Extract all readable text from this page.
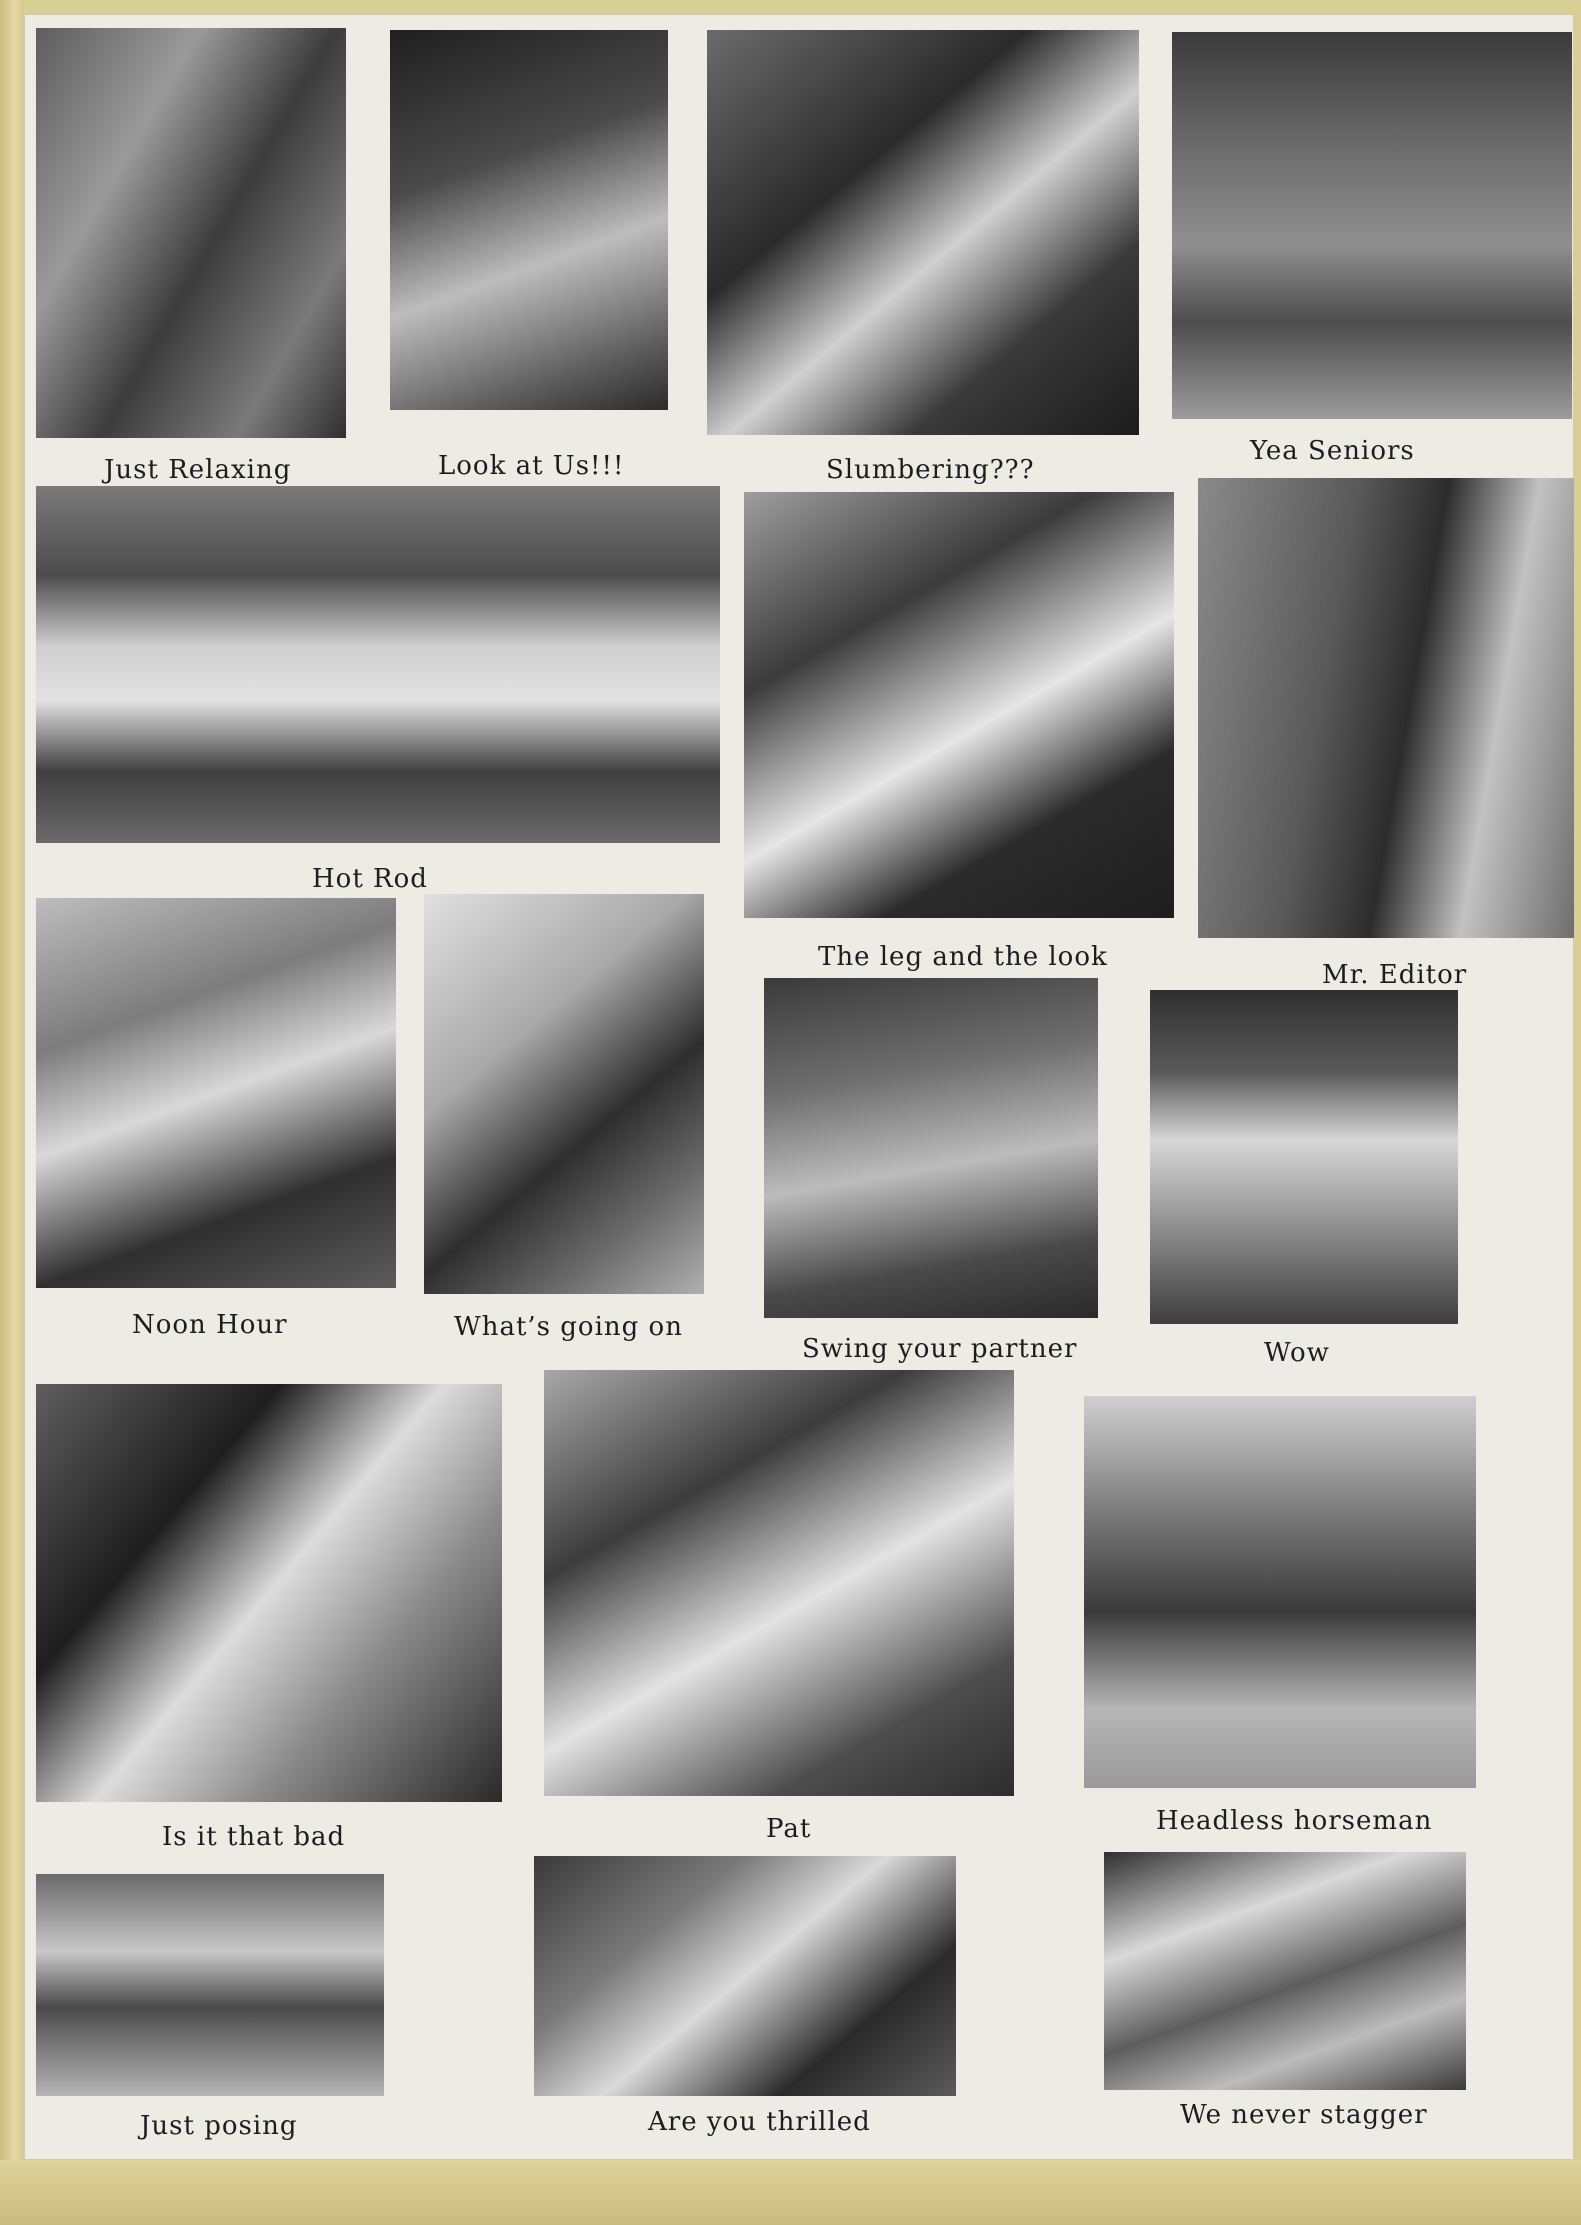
Just Relaxing	Look at Us!!!	Slumbering???
Yea Seniors
Hot Rod
The leg and the look
Mr. Editor
Noon Hour	What’s going on
Swing your partner	Wow
Is it that bad	Pat	Headless horseman
Just posing	Are you thrilled	We never stagger
